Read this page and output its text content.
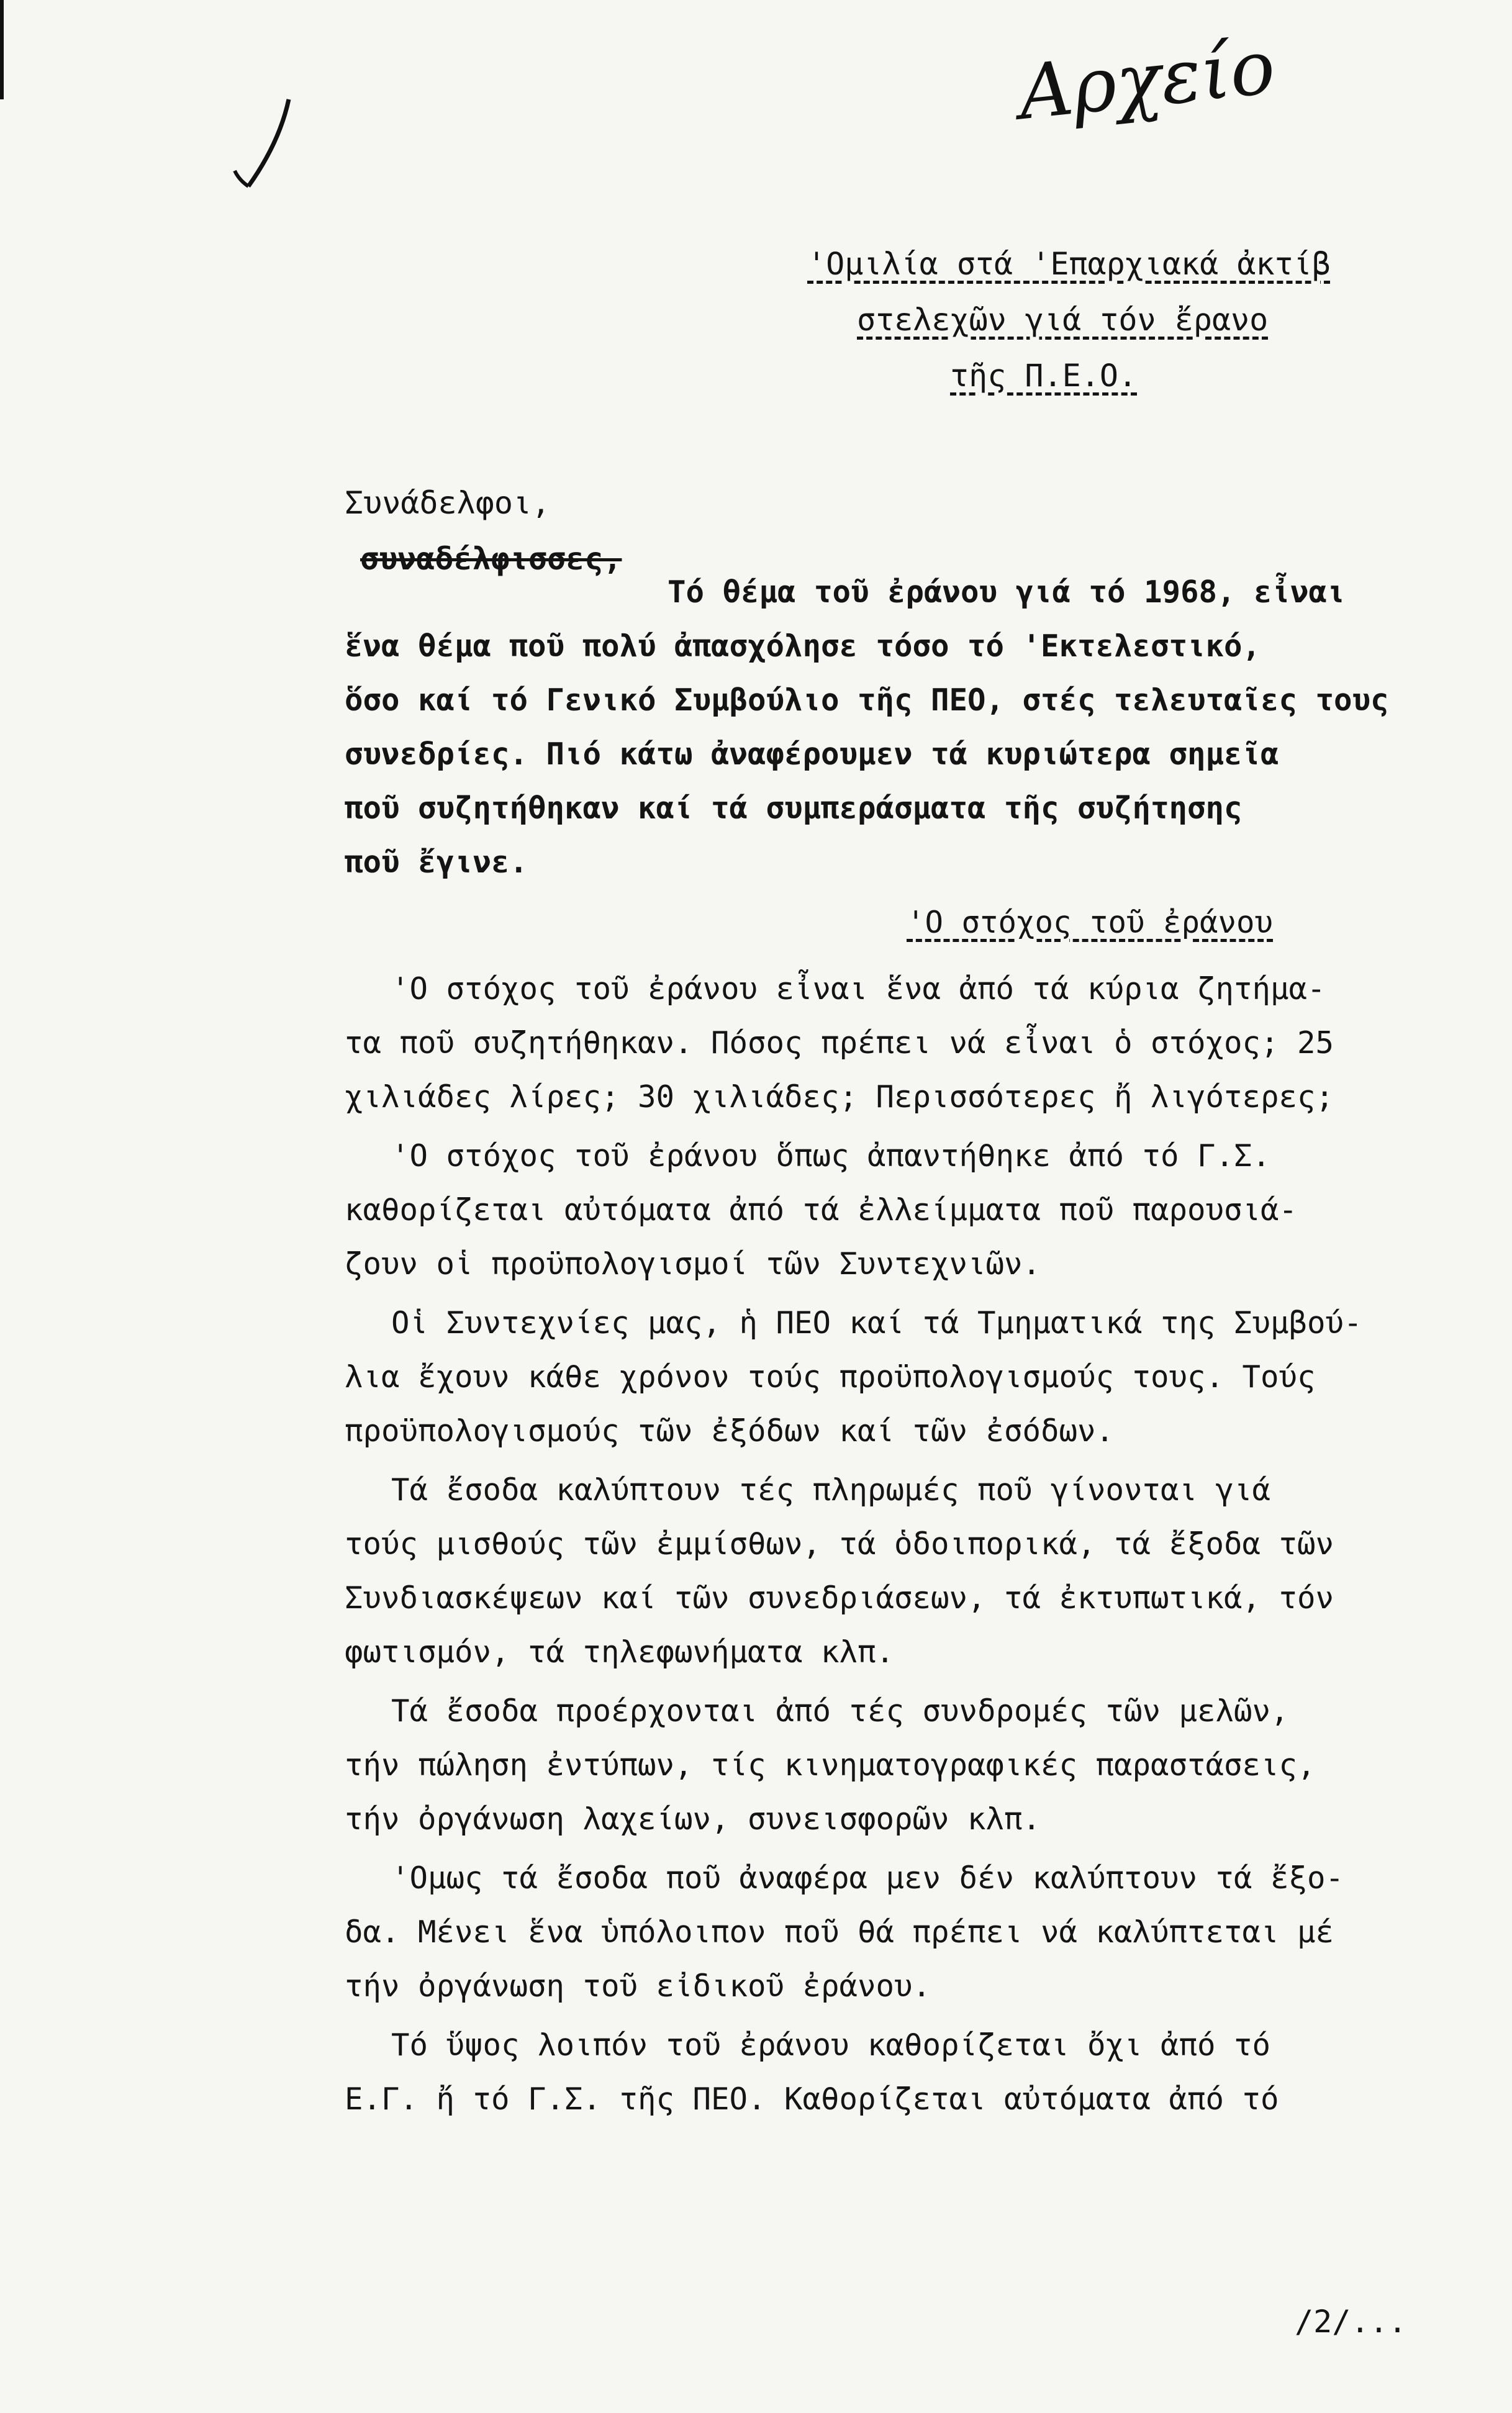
Αρχείο
'Ομιλία στά 'Επαρχιακά ἀκτίβ
στελεχῶν γιά τόν ἔρανο
τῆς Π.Ε.Ο.
Συνάδελφοι,
συναδέλφισσες,
Τό θέμα τοῦ ἐράνου γιά τό 1968, εἶναι
ἕνα θέμα ποῦ πολύ ἀπασχόλησε τόσο τό 'Εκτελεστικό,
ὅσο καί τό Γενικό Συμβούλιο τῆς ΠΕΟ, στές τελευταῖες τους
συνεδρίες. Πιό κάτω ἀναφέρουμεν τά κυριώτερα σημεῖα
ποῦ συζητήθηκαν καί τά συμπεράσματα τῆς συζήτησης
ποῦ ἔγινε.
'Ο στόχος τοῦ ἐράνου
'Ο στόχος τοῦ ἐράνου εἶναι ἕνα ἀπό τά κύρια ζητήμα-
τα ποῦ συζητήθηκαν. Πόσος πρέπει νά εἶναι ὁ στόχος; 25
χιλιάδες λίρες; 30 χιλιάδες; Περισσότερες ἤ λιγότερες;
'Ο στόχος τοῦ ἐράνου ὅπως ἀπαντήθηκε ἀπό τό Γ.Σ.
καθορίζεται αὐτόματα ἀπό τά ἐλλείμματα ποῦ παρουσιά-
ζουν οἱ προϋπολογισμοί τῶν Συντεχνιῶν.
Οἱ Συντεχνίες μας, ἡ ΠΕΟ καί τά Τμηματικά της Συμβού-
λια ἔχουν κάθε χρόνον τούς προϋπολογισμούς τους. Τούς
προϋπολογισμούς τῶν ἐξόδων καί τῶν ἐσόδων.
Τά ἔσοδα καλύπτουν τές πληρωμές ποῦ γίνονται γιά
τούς μισθούς τῶν ἐμμίσθων, τά ὁδοιπορικά, τά ἔξοδα τῶν
Συνδιασκέψεων καί τῶν συνεδριάσεων, τά ἐκτυπωτικά, τόν
φωτισμόν, τά τηλεφωνήματα κλπ.
Τά ἔσοδα προέρχονται ἀπό τές συνδρομές τῶν μελῶν,
τήν πώληση ἐντύπων, τίς κινηματογραφικές παραστάσεις,
τήν ὀργάνωση λαχείων, συνεισφορῶν κλπ.
'Ομως τά ἔσοδα ποῦ ἀναφέρα μεν δέν καλύπτουν τά ἔξο-
δα. Μένει ἕνα ὑπόλοιπον ποῦ θά πρέπει νά καλύπτεται μέ
τήν ὀργάνωση τοῦ εἰδικοῦ ἐράνου.
Τό ὕψος λοιπόν τοῦ ἐράνου καθορίζεται ὄχι ἀπό τό
Ε.Γ. ἤ τό Γ.Σ. τῆς ΠΕΟ. Καθορίζεται αὐτόματα ἀπό τό
/2/...
